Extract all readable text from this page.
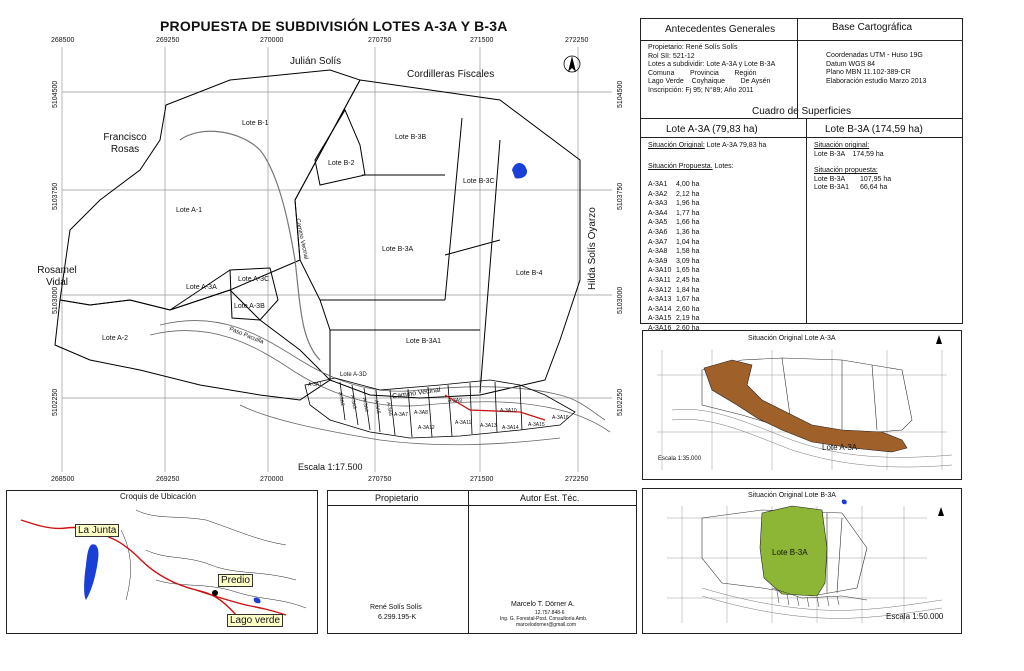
PROPUESTA DE SUBDIVISIÓN LOTES A-3A Y B-3A
268500	269250	270000	270750	271500	272250
268500	269250	270000	270750	271500	272250
5104500
5103750
5103000
5102250
5104500
5103750
5103000
5102250
Julián Solís
Cordilleras Fiscales
Francisco Rosas
Rosamel Vidal	Hilda Solís Oyarzo
Lote B-1
Lote B-3B
Lote B-2
Lote B-3C
Lote A-1
Lote B-3A
Lote B-4
Lote A-3C
Lote A-3A
Lote A-3B
Lote A-2	Lote B-3A1
Lote A-3D
Camino Vecinal
Camino Vecinal
Paso Pacuilla
A-3A1
A-3A2 A-3A3 A-3A4 A-3A5 A-3A6 A-3A7 A-3A8
A-3A9
A-3A10
A-3A11
A-3A12	A-3A13 A-3A14 A-3A15
A-3A16
Escala 1:17.500
Antecedentes Generales	Base Cartográfica
Propietario: René Solís Solís
Rol SII: 521-12
Lotes a subdividir: Lote A-3A y Lote B-3A
Comuna        Provincia        Región
Lago Verde    Coyhaique        De Aysén
Inscripción: Fj 95; N°89; Año 2011
Coordenadas UTM - Huso 19G
Datum WGS 84
Plano MBN 11.102-389-CR
Elaboración estudio Marzo 2013
Cuadro de Superficies
Lote A-3A (79,83 ha)	Lote B-3A (174,59 ha)
Situación Original: Lote A-3A 79,83 ha
Situación Propuesta. Lotes:
A-3A1 4,00 ha
A-3A2 2,12 ha
A-3A3 1,96 ha
A-3A4 1,77 ha
A-3A5 1,66 ha
A-3A6 1,36 ha
A-3A7 1,04 ha
A-3A8 1,58 ha
A-3A9 3,09 ha
A-3A10 1,65 ha
A-3A11 2,45 ha
A-3A12 1,84 ha
A-3A13 1,67 ha
A-3A14 2,60 ha
A-3A15 2,19 ha
A-3A16 2,60 ha
Situación original:
Lote B-3A    174,59 ha
Situación propuesta:
Lote B-3A 107,95 ha
Lote B-3A1 66,64 ha
Situación Original Lote A-3A
Lote A-3A
Escala 1:35.000
Croquis de Ubicación
La Junta
Predio
Lago verde
Propietario	Autor Est. Téc.
René Solís Solís
6.299.195-K
Marcelo T. Dörner A.
12.757.848-6
Ing. G. Forestal-Post. Consultoría Amb.
marcelodorner@gmail.com
Situación Original Lote B-3A
Lote B-3A
Escala 1:50.000
